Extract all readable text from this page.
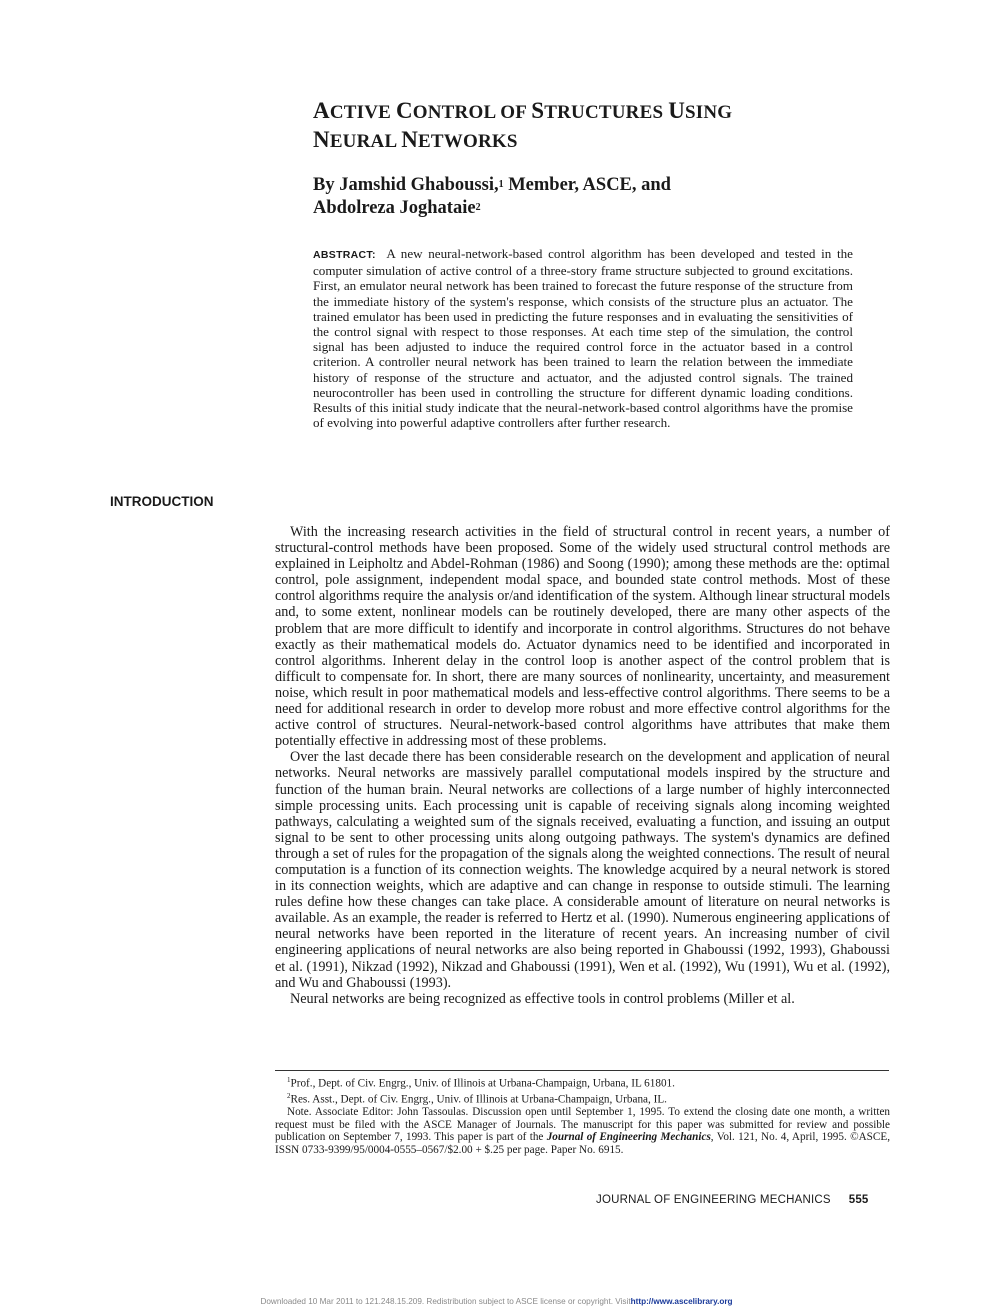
ACTIVE CONTROL OF STRUCTURES USING
NEURAL NETWORKS
By Jamshid Ghaboussi,$^1$ Member, ASCE, and
Abdolreza Joghataie$^2$
ABSTRACT: A new neural-network-based control algorithm has been developed and tested in the computer simulation of active control of a three-story frame structure subjected to ground excitations. First, an emulator neural network has been trained to forecast the future response of the structure from the immediate history of the system's response, which consists of the structure plus an actuator. The trained emulator has been used in predicting the future responses and in evaluating the sensitivities of the control signal with respect to those responses. At each time step of the simulation, the control signal has been adjusted to induce the required control force in the actuator based in a control criterion. A controller neural network has been trained to learn the relation between the immediate history of response of the structure and actuator, and the adjusted control signals. The trained neurocontroller has been used in controlling the structure for different dynamic loading conditions. Results of this initial study indicate that the neural-network-based control algorithms have the promise of evolving into powerful adaptive controllers after further research.
INTRODUCTION

With the increasing research activities in the field of structural control in recent years, a number of structural-control methods have been proposed. Some of the widely used structural control methods are explained in Leipholtz and Abdel-Rohman (1986) and Soong (1990); among these methods are the: optimal control, pole assignment, independent modal space, and bounded state control methods. Most of these control algorithms require the analysis or/and identification of the system. Although linear structural models and, to some extent, nonlinear models can be routinely developed, there are many other aspects of the problem that are more difficult to identify and incorporate in control algorithms. Structures do not behave exactly as their mathematical models do. Actuator dynamics need to be identified and incorporated in control algorithms. Inherent delay in the control loop is another aspect of the control problem that is difficult to compensate for. In short, there are many sources of nonlinearity, uncertainty, and measurement noise, which result in poor mathematical models and less-effective control algorithms. There seems to be a need for additional research in order to develop more robust and more effective control algorithms for the active control of structures. Neural-network-based control algorithms have attributes that make them potentially effective in addressing most of these problems.

Over the last decade there has been considerable research on the development and application of neural networks. Neural networks are massively parallel computational models inspired by the structure and function of the human brain. Neural networks are collections of a large number of highly interconnected simple processing units. Each processing unit is capable of receiving signals along incoming weighted pathways, calculating a weighted sum of the signals received, evaluating a function, and issuing an output signal to be sent to other processing units along outgoing pathways. The system's dynamics are defined through a set of rules for the propagation of the signals along the weighted connections. The result of neural computation is a function of its connection weights. The knowledge acquired by a neural network is stored in its connection weights, which are adaptive and can change in response to outside stimuli. The learning rules define how these changes can take place. A considerable amount of literature on neural networks is available. As an example, the reader is referred to Hertz et al. (1990). Numerous engineering applications of neural networks have been reported in the literature of recent years. An increasing number of civil engineering applications of neural networks are also being reported in Ghaboussi (1992, 1993), Ghaboussi et al. (1991), Nikzad (1992), Nikzad and Ghaboussi (1991), Wen et al. (1992), Wu (1991), Wu et al. (1992), and Wu and Ghaboussi (1993).

Neural networks are being recognized as effective tools in control problems (Miller et al.

$^1$Prof., Dept. of Civ. Engrg., Univ. of Illinois at Urbana-Champaign, Urbana, IL 61801.

$^2$Res. Asst., Dept. of Civ. Engrg., Univ. of Illinois at Urbana-Champaign, Urbana, IL.

Note. Associate Editor: John Tassoulas. Discussion open until September 1, 1995. To extend the closing date one month, a written request must be filed with the ASCE Manager of Journals. The manuscript for this paper was submitted for review and possible publication on September 7, 1993. This paper is part of the Journal of Engineering Mechanics, Vol. 121, No. 4, April, 1995. ©ASCE, ISSN 0733-9399/95/0004-0555–0567/$2.00 + $.25 per page. Paper No. 6915.

JOURNAL OF ENGINEERING MECHANICS 555
Downloaded 10 Mar 2011 to 121.248.15.209. Redistribution subject to ASCE license or copyright. Visithttp://www.ascelibrary.org
